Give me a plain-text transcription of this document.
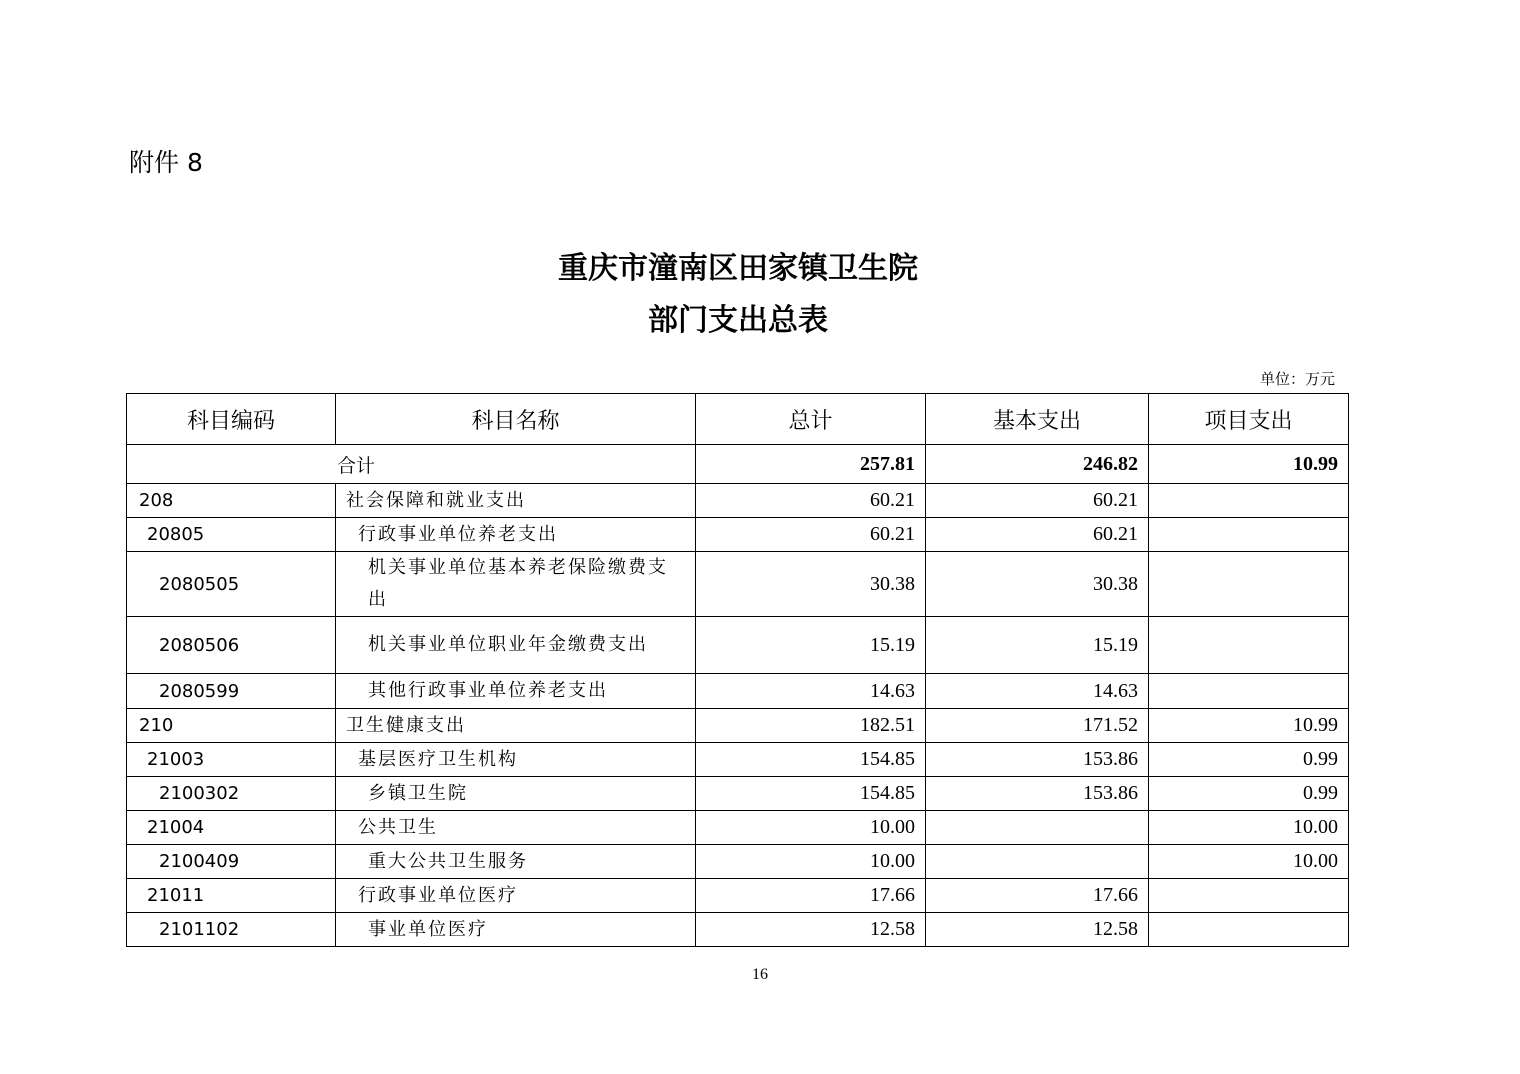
附件 8
重庆市潼南区田家镇卫生院
部门支出总表
单位：万元
科目编码	科目名称	总计	基本支出	项目支出
合计		257.81	246.82	10.99
208	社会保障和就业支出	60.21	60.21	
20805	行政事业单位养老支出	60.21	60.21	
2080505	机关事业单位基本养老保险缴费支出	30.38	30.38	
2080506	机关事业单位职业年金缴费支出	15.19	15.19	
2080599	其他行政事业单位养老支出	14.63	14.63	
210	卫生健康支出	182.51	171.52	10.99
21003	基层医疗卫生机构	154.85	153.86	0.99
2100302	乡镇卫生院	154.85	153.86	0.99
21004	公共卫生	10.00		10.00
2100409	重大公共卫生服务	10.00		10.00
21011	行政事业单位医疗	17.66	17.66	
2101102	事业单位医疗	12.58	12.58	
16
